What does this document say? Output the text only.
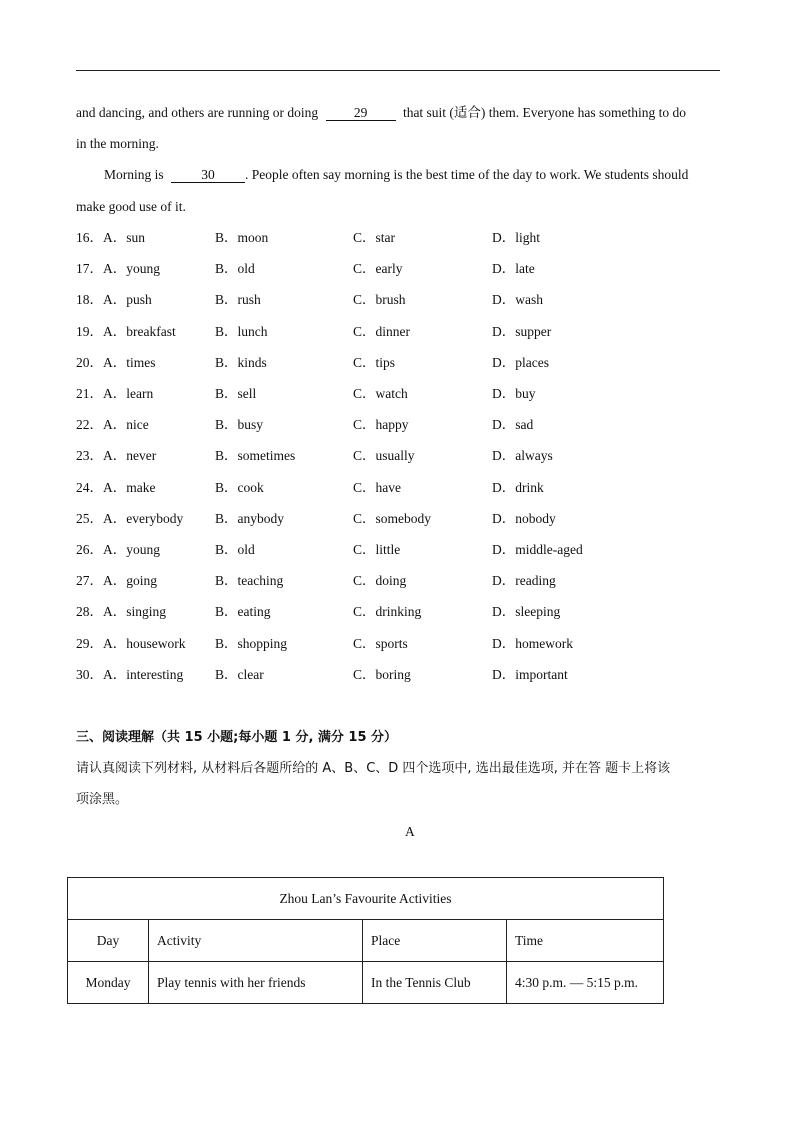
and dancing, and others are running or doing	29	that suit (适合) them. Everyone has something to do
in the morning.
Morning is	30 . People often say morning is the best time of the day to work. We students should
make good use of it.
16． A．sun	B．moon	C．star	D．light
17． A．young	B．old	C．early	D．late
18． A．push	B．rush	C．brush	D．wash
19． A．breakfast	B．lunch	C．dinner	D．supper
20． A．times	B．kinds	C．tips	D．places
21． A．learn	B．sell	C．watch	D．buy
22． A．nice	B．busy	C．happy	D．sad
23． A．never	B．sometimes	C．usually	D．always
24． A．make	B．cook	C．have	D．drink
25． A．everybody B．anybody	C．somebody	D．nobody
26． A．young	B．old	C．little	D．middle-aged
27． A．going	B．teaching	C．doing	D．reading
28． A．singing	B．eating	C．drinking	D．sleeping
29． A．housework B．shopping	C．sports	D．homework
30． A．interesting B．clear	C．boring	D．important
三、阅读理解（共 15 小题;每小题 1 分, 满分 15 分）
请认真阅读下列材料, 从材料后各题所给的 A、B、C、D 四个选项中, 选出最佳选项, 并在答 题卡上将该
项涂黑。
A
Zhou Lan’s Favourite Activities			
Day	Activity	Place	Time
Monday	Play tennis with her friends	In the Tennis Club	4:30 p.m. — 5:15 p.m.
